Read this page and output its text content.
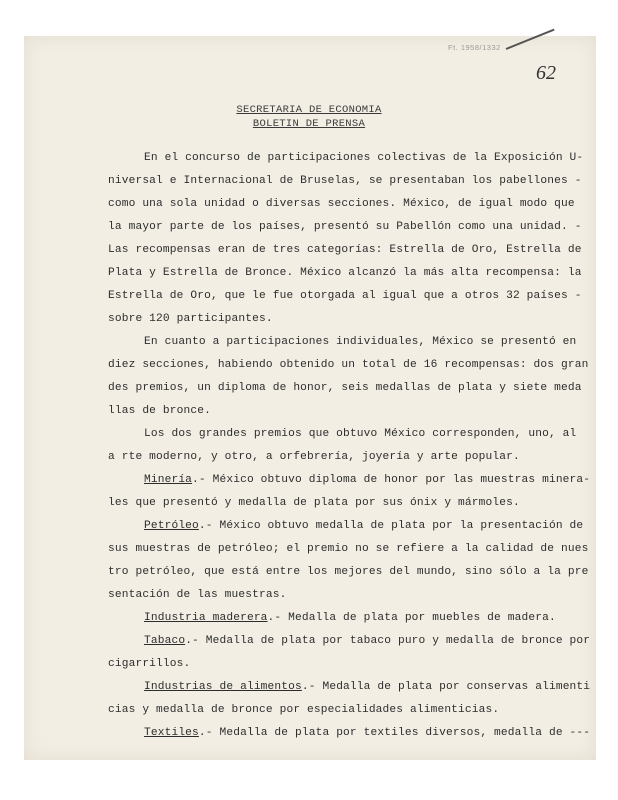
Ft. 1958/1332
62
SECRETARIA DE ECONOMIA
BOLETIN DE PRENSA
En el concurso de participaciones colectivas de la Exposición U-
niversal e Internacional de Bruselas, se presentaban los pabellones -
como una sola unidad o diversas secciones. México, de igual modo que
la mayor parte de los países, presentó su Pabellón como una unidad. -
Las recompensas eran de tres categorías: Estrella de Oro, Estrella de
Plata y Estrella de Bronce. México alcanzó la más alta recompensa: la
Estrella de Oro, que le fue otorgada al igual que a otros 32 países -
sobre 120 participantes.
En cuanto a participaciones individuales, México se presentó en
diez secciones, habiendo obtenido un total de 16 recompensas: dos gran
des premios, un diploma de honor, seis medallas de plata y siete meda
llas de bronce.
Los dos grandes premios que obtuvo México corresponden, uno, al
a rte moderno, y otro, a orfebrería, joyería y arte popular.
Minería.- México obtuvo diploma de honor por las muestras minera-
les que presentó y medalla de plata por sus ónix y mármoles.
Petróleo.- México obtuvo medalla de plata por la presentación de
sus muestras de petróleo; el premio no se refiere a la calidad de nues
tro petróleo, que está entre los mejores del mundo, sino sólo a la pre
sentación de las muestras.
Industria maderera.- Medalla de plata por muebles de madera.
Tabaco.- Medalla de plata por tabaco puro y medalla de bronce por
cigarrillos.
Industrias de alimentos.- Medalla de plata por conservas alimenti
cias y medalla de bronce por especialidades alimenticias.
Textiles.- Medalla de plata por textiles diversos, medalla de ---
